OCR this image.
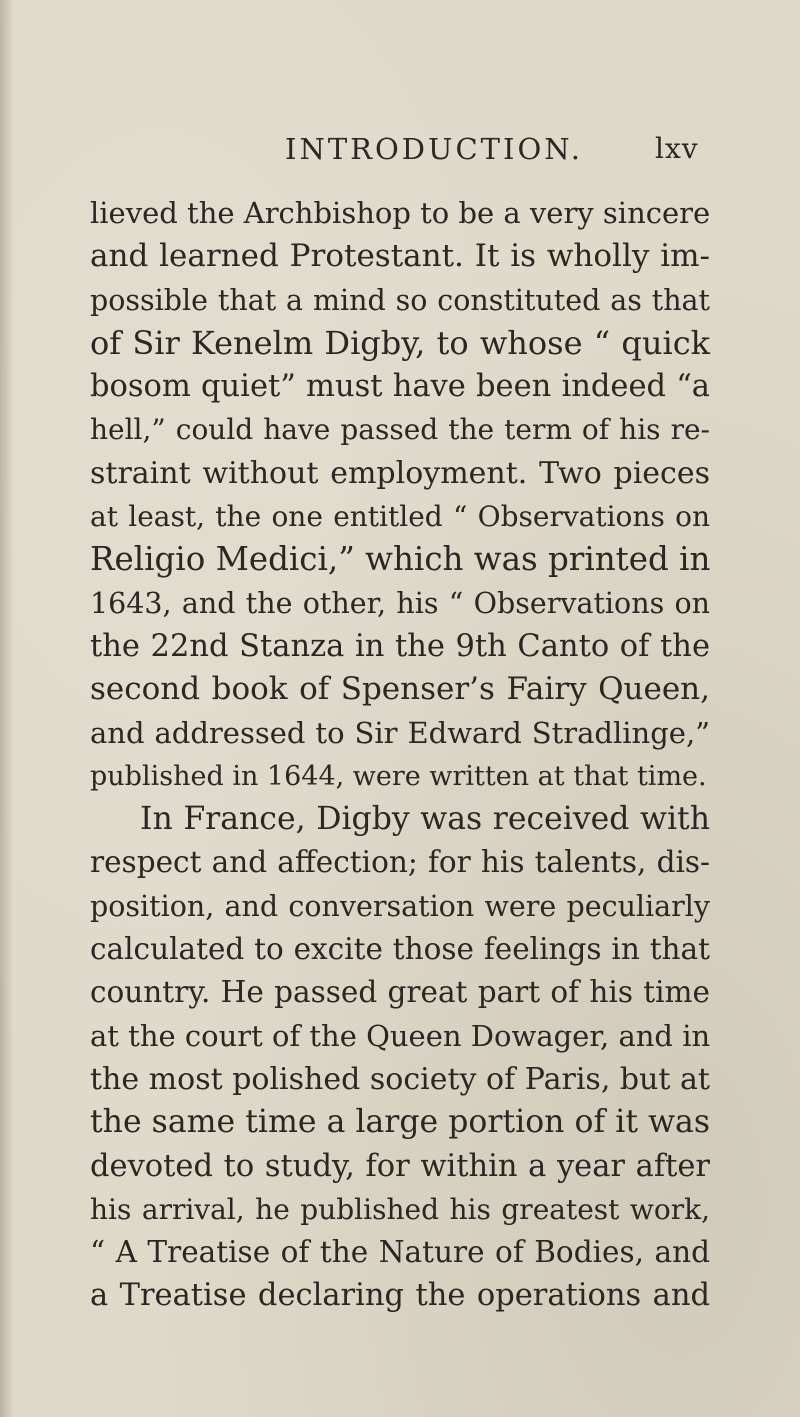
INTRODUCTION.	lxv
lieved the Archbishop to be a very sincere
and learned Protestant. It is wholly im-
possible that a mind so constituted as that
of Sir Kenelm Digby, to whose “ quick
bosom quiet” must have been indeed “a
hell,” could have passed the term of his re-
straint without employment. Two pieces
at least, the one entitled “ Observations on
Religio Medici,” which was printed in
1643, and the other, his “ Observations on
the 22nd Stanza in the 9th Canto of the
second book of Spenser’s Fairy Queen,
and addressed to Sir Edward Stradlinge,”
published in 1644, were written at that time.
In France, Digby was received with
respect and affection; for his talents, dis-
position, and conversation were peculiarly
calculated to excite those feelings in that
country. He passed great part of his time
at the court of the Queen Dowager, and in
the most polished society of Paris, but at
the same time a large portion of it was
devoted to study, for within a year after
his arrival, he published his greatest work,
“ A Treatise of the Nature of Bodies, and
a Treatise declaring the operations and
